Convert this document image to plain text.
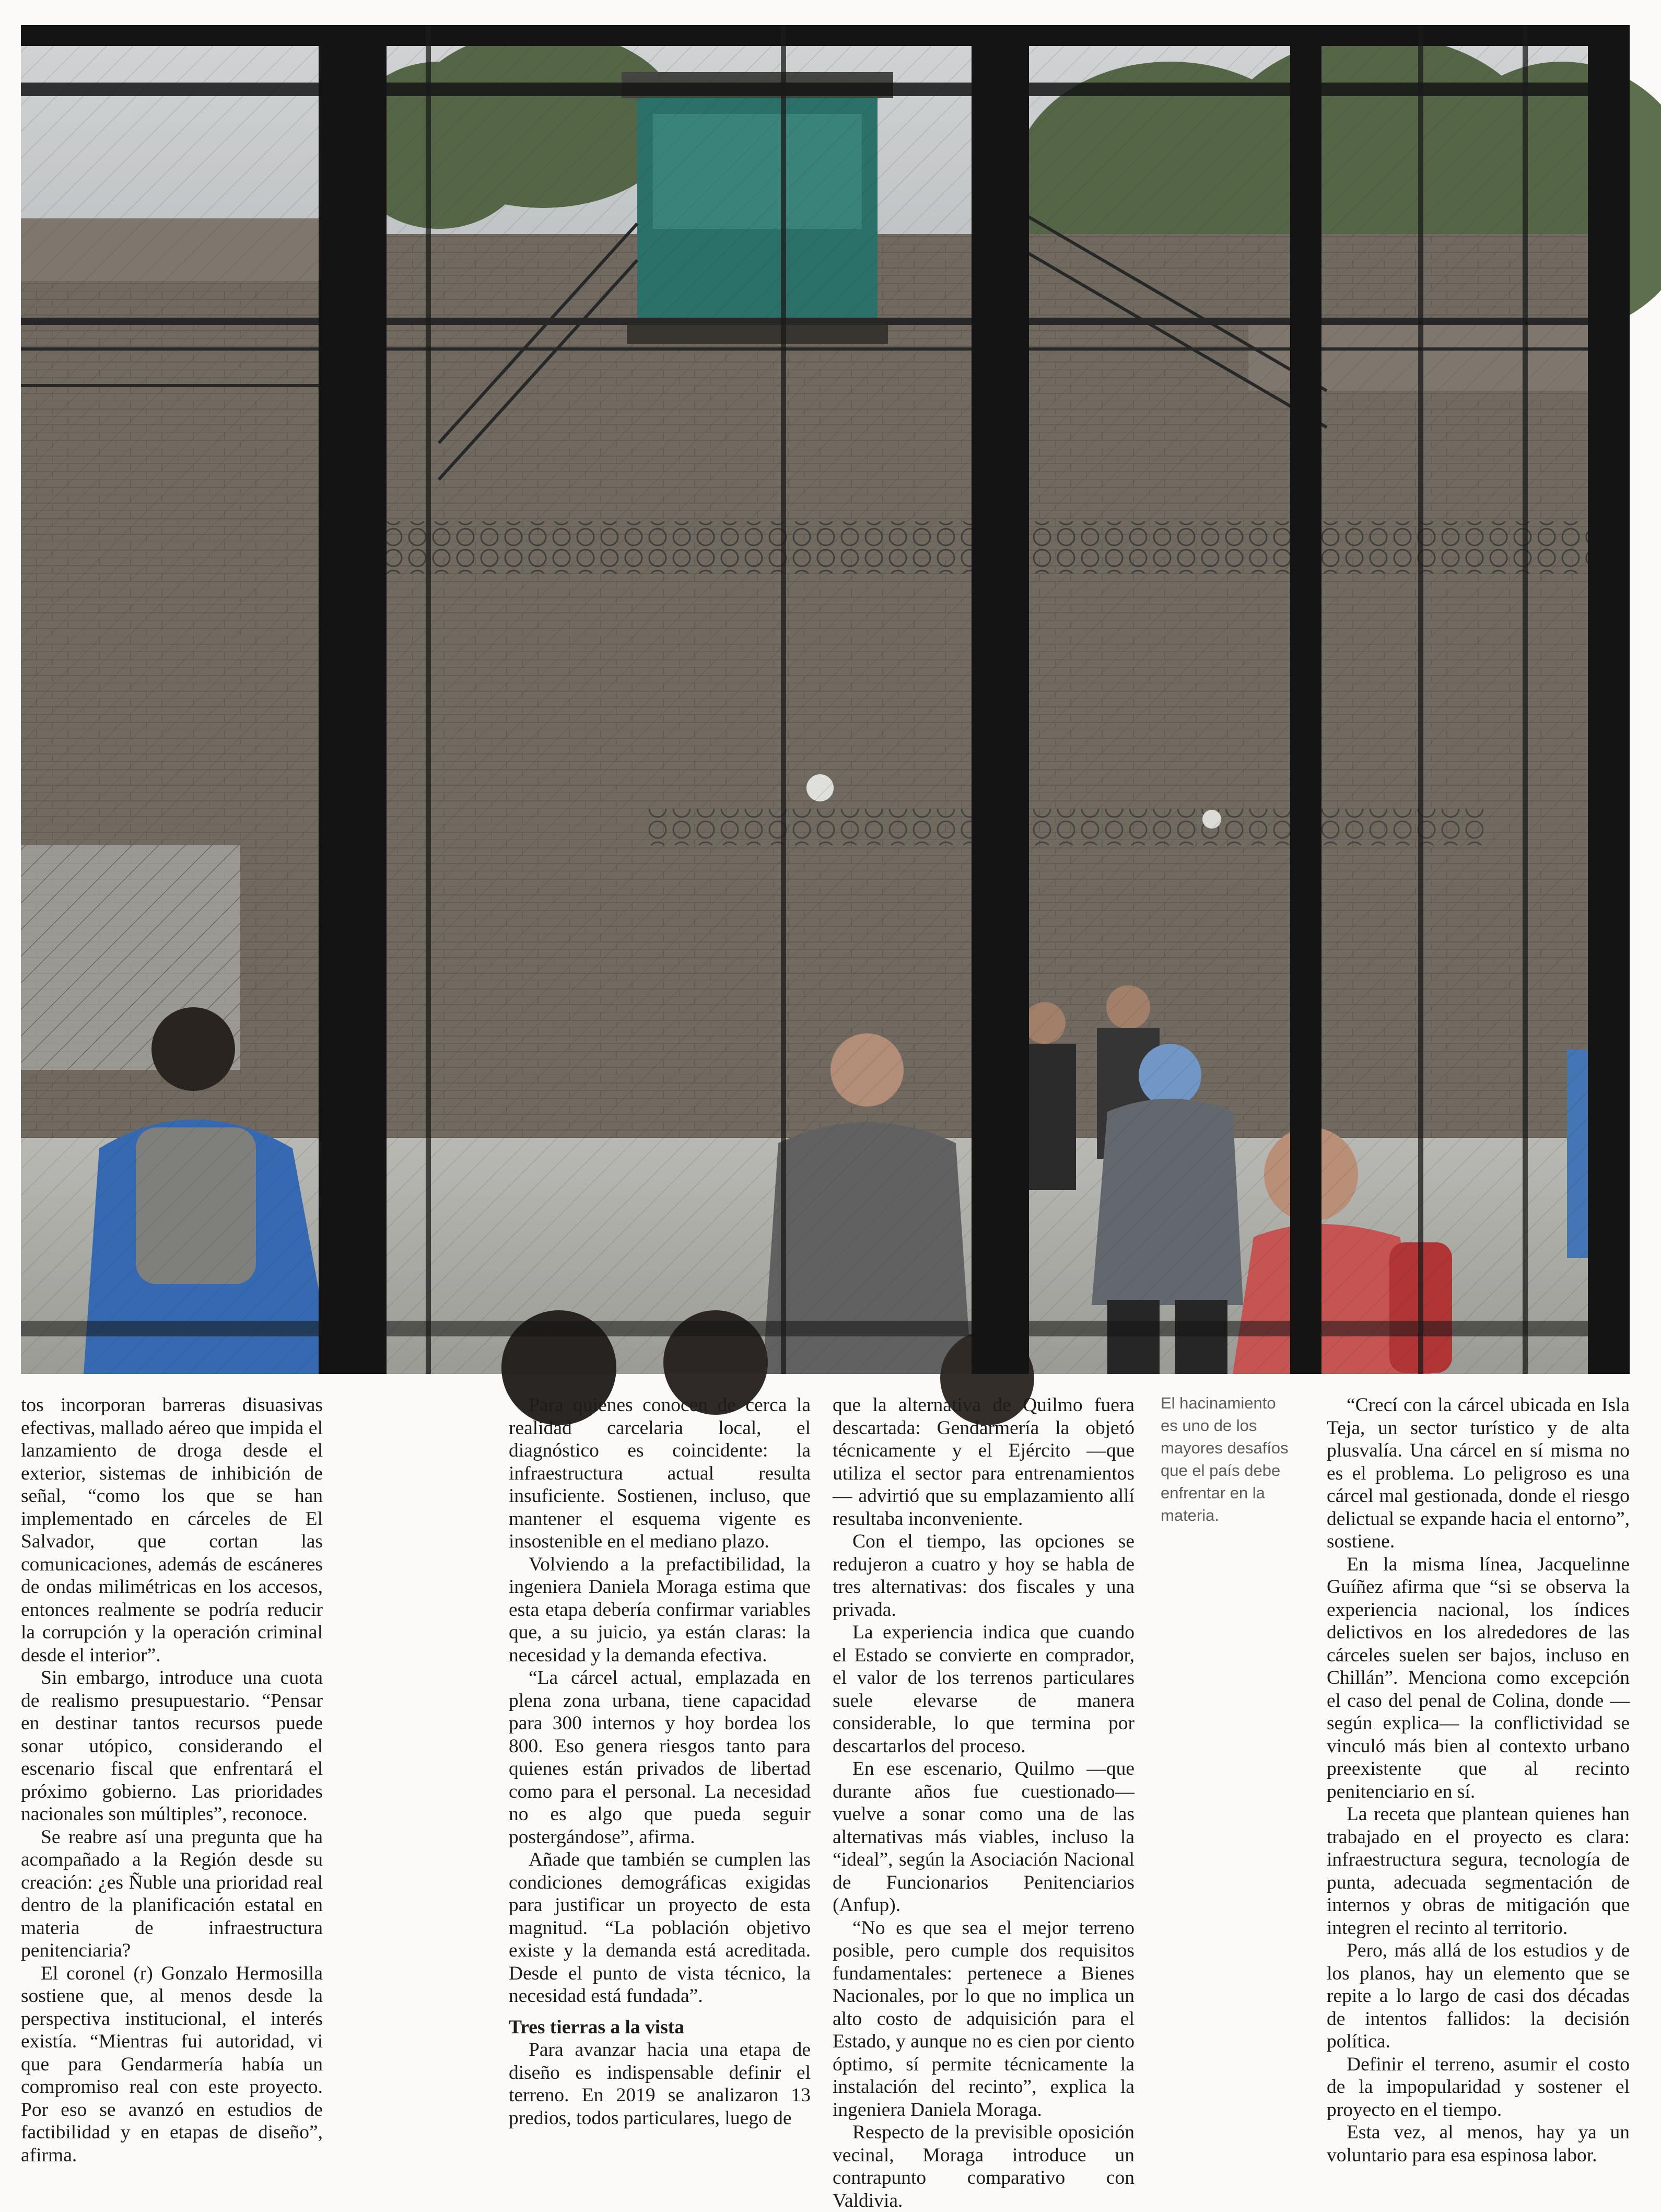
tos incorporan barreras disuasivas efectivas, mallado aéreo que impida el lanzamiento de droga desde el exterior, sistemas de inhibición de señal, “como los que se han implementado en cárceles de El Salvador, que cortan las comunicaciones, además de escáneres de ondas milimétricas en los accesos, entonces realmente se podría reducir la corrupción y la operación criminal desde el interior”.

Sin embargo, introduce una cuota de realismo presupuestario. “Pensar en destinar tantos recursos puede sonar utópico, considerando el escenario fiscal que enfrentará el próximo gobierno. Las prioridades nacionales son múltiples”, reconoce.

Se reabre así una pregunta que ha acompañado a la Región desde su creación: ¿es Ñuble una prioridad real dentro de la planificación estatal en materia de infraestructura penitenciaria?

El coronel (r) Gonzalo Hermosilla sostiene que, al menos desde la perspectiva institucional, el interés existía. “Mientras fui autoridad, vi que para Gendarmería había un compromiso real con este proyecto. Por eso se avanzó en estudios de factibilidad y en etapas de diseño”, afirma.

Para quienes conocen de cerca la realidad carcelaria local, el diagnóstico es coincidente: la infraestructura actual resulta insuficiente. Sostienen, incluso, que mantener el esquema vigente es insostenible en el mediano plazo.

Volviendo a la prefactibilidad, la ingeniera Daniela Moraga estima que esta etapa debería confirmar variables que, a su juicio, ya están claras: la necesidad y la demanda efectiva.

“La cárcel actual, emplazada en plena zona urbana, tiene capacidad para 300 internos y hoy bordea los 800. Eso genera riesgos tanto para quienes están privados de libertad como para el personal. La necesidad no es algo que pueda seguir postergándose”, afirma.

Añade que también se cumplen las condiciones demográficas exigidas para justificar un proyecto de esta magnitud. “La población objetivo existe y la demanda está acreditada. Desde el punto de vista técnico, la necesidad está fundada”.

Tres tierras a la vista

Para avanzar hacia una etapa de diseño es indispensable definir el terreno. En 2019 se analizaron 13 predios, todos particulares, luego de

que la alternativa de Quilmo fuera descartada: Gendarmería la objetó técnicamente y el Ejército —que utiliza el sector para entrenamientos— advirtió que su emplazamiento allí resultaba inconveniente.

Con el tiempo, las opciones se redujeron a cuatro y hoy se habla de tres alternativas: dos fiscales y una privada.

La experiencia indica que cuando el Estado se convierte en comprador, el valor de los terrenos particulares suele elevarse de manera considerable, lo que termina por descartarlos del proceso.

En ese escenario, Quilmo —que durante años fue cuestionado— vuelve a sonar como una de las alternativas más viables, incluso la “ideal”, según la Asociación Nacional de Funcionarios Penitenciarios (Anfup).

“No es que sea el mejor terreno posible, pero cumple dos requisitos fundamentales: pertenece a Bienes Nacionales, por lo que no implica un alto costo de adquisición para el Estado, y aunque no es cien por ciento óptimo, sí permite técnicamente la instalación del recinto”, explica la ingeniera Daniela Moraga.

Respecto de la previsible oposición vecinal, Moraga introduce un contrapunto comparativo con Valdivia.

El hacinamiento es uno de los mayores desafíos que el país debe enfrentar en la materia.

“Crecí con la cárcel ubicada en Isla Teja, un sector turístico y de alta plusvalía. Una cárcel en sí misma no es el problema. Lo peligroso es una cárcel mal gestionada, donde el riesgo delictual se expande hacia el entorno”, sostiene.

En la misma línea, Jacquelinne Guíñez afirma que “si se observa la experiencia nacional, los índices delictivos en los alrededores de las cárceles suelen ser bajos, incluso en Chillán”. Menciona como excepción el caso del penal de Colina, donde —según explica— la conflictividad se vinculó más bien al contexto urbano preexistente que al recinto penitenciario en sí.

La receta que plantean quienes han trabajado en el proyecto es clara: infraestructura segura, tecnología de punta, adecuada segmentación de internos y obras de mitigación que integren el recinto al territorio.

Pero, más allá de los estudios y de los planos, hay un elemento que se repite a lo largo de casi dos décadas de intentos fallidos: la decisión política.

Definir el terreno, asumir el costo de la impopularidad y sostener el proyecto en el tiempo.

Esta vez, al menos, hay ya un voluntario para esa espinosa labor.
